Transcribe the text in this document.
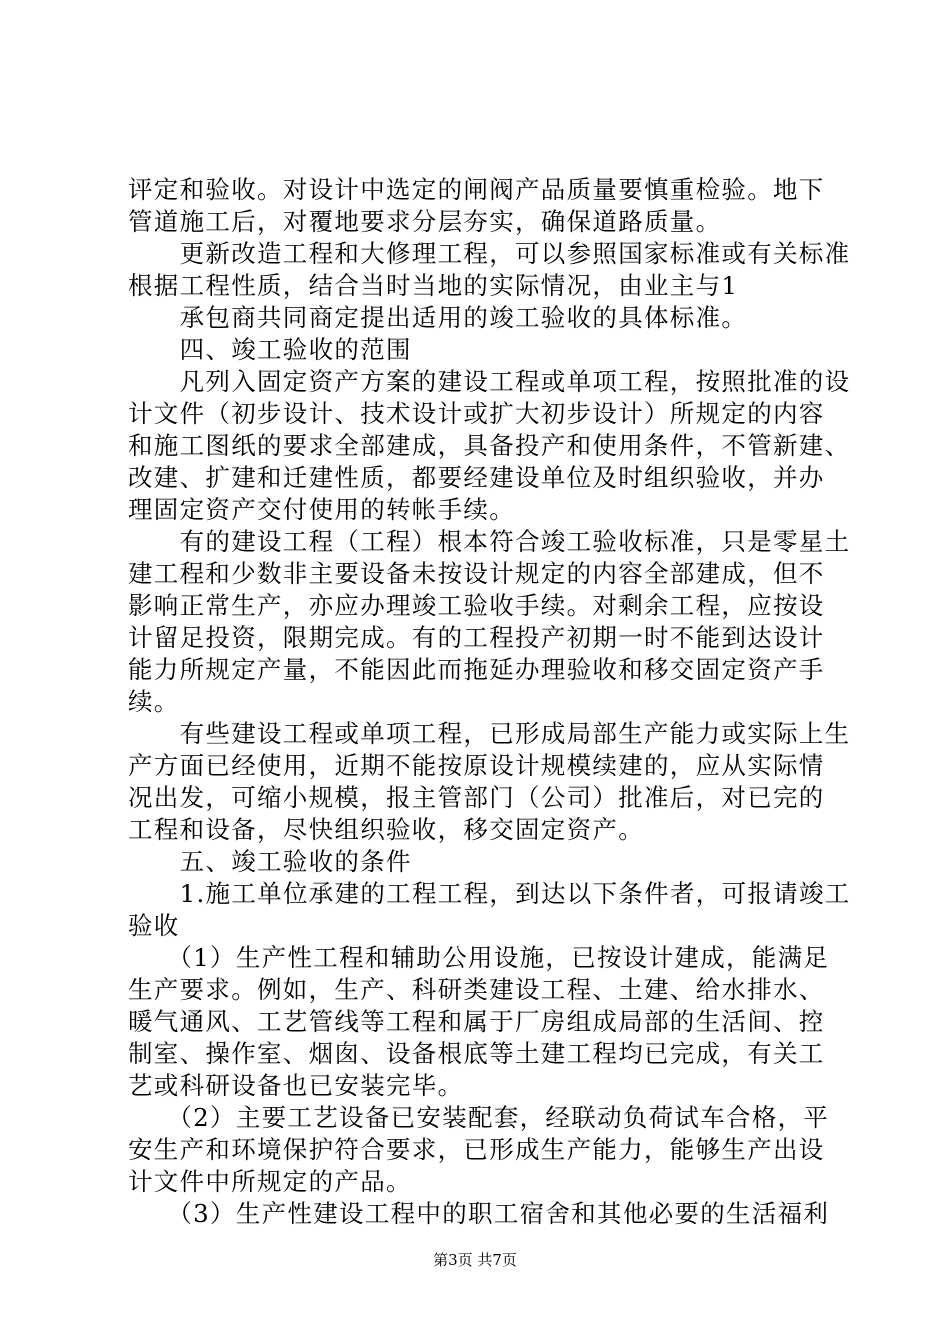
评定和验收。对设计中选定的闸阀产品质量要慎重检验。地下
管道施工后，对覆地要求分层夯实，确保道路质量。
　　更新改造工程和大修理工程，可以参照国家标准或有关标准
根据工程性质，结合当时当地的实际情况，由业主与1
　　承包商共同商定提出适用的竣工验收的具体标准。
　　四、竣工验收的范围
　　凡列入固定资产方案的建设工程或单项工程，按照批准的设
计文件（初步设计、技术设计或扩大初步设计）所规定的内容
和施工图纸的要求全部建成，具备投产和使用条件，不管新建、
改建、扩建和迁建性质，都要经建设单位及时组织验收，并办
理固定资产交付使用的转帐手续。
　　有的建设工程（工程）根本符合竣工验收标准，只是零星土
建工程和少数非主要设备未按设计规定的内容全部建成，但不
影响正常生产，亦应办理竣工验收手续。对剩余工程，应按设
计留足投资，限期完成。有的工程投产初期一时不能到达设计
能力所规定产量，不能因此而拖延办理验收和移交固定资产手
续。
　　有些建设工程或单项工程，已形成局部生产能力或实际上生
产方面已经使用，近期不能按原设计规模续建的，应从实际情
况出发，可缩小规模，报主管部门（公司）批准后，对已完的
工程和设备，尽快组织验收，移交固定资产。
　　五、竣工验收的条件
　　1.施工单位承建的工程工程，到达以下条件者，可报请竣工
验收
　　（1）生产性工程和辅助公用设施，已按设计建成，能满足
生产要求。例如，生产、科研类建设工程、土建、给水排水、
暖气通风、工艺管线等工程和属于厂房组成局部的生活间、控
制室、操作室、烟囱、设备根底等土建工程均已完成，有关工
艺或科研设备也已安装完毕。
　　（2）主要工艺设备已安装配套，经联动负荷试车合格，平
安生产和环境保护符合要求，已形成生产能力，能够生产出设
计文件中所规定的产品。
　　（3）生产性建设工程中的职工宿舍和其他必要的生活福利
第3页 共7页
